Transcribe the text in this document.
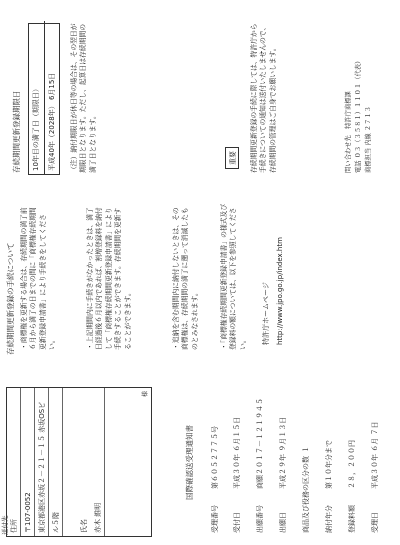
送付先 住所 〒107-0052 東京都港区赤坂２－２１－１５ 赤坂OSビ ル５階	氏名 赤木 維明
様
国際確認送受理通知書
受理番号第６０５２７７５号
受付日平成３０年 ６月１５日
出願番号商願２０１７－１２１９４５
出願日平成２９年 ９月１３日
商品及び役務の区分の数１
納付年分第１０年分まで
登録料額２８，２００円
受理日平成３０年 ６月 ７日
存続期間更新登録の手続について ・商標権を更新する場合は、存続期間の満了前６月から満了の日までの間に「商標権存続期間更新登録申請書」により手続きをしてください。	・上記期間内に手続きがなかったときは、満了日経過後６月以内であれば、割増登録料を納付して「商標権存続期間更新登録申請書」により手続きすることができます。存続期間を更新することができます。	・追納を含む期間内に納付しないときは、その商標権は、存続期間の満了に遡って消滅したものとみなされます。	・「商標権存続期間更新登録申請書」の様式及び登録料の額については、以下を参照してください。 特許庁ホームページ http://www.jpo.go.jp/index.htm
存続期間更新登録期限日	10年目の満了日（期限日）	平成40年（2028年） 6月15日	（注）納付期限日が休日等の場合は、その翌日が期限日となります。ただし、起算日は存続期間の満了日となります。	重要 存続期間更新登録の手続に際しては、特許庁から手続きについての通知は送付いたしませんので、存続期間の管理はご自身でお願いします。	問い合わせ先　特許庁商標課 電話 ０３（３５８１）１１０１（代表） 商標担当 内線 ２７１３
